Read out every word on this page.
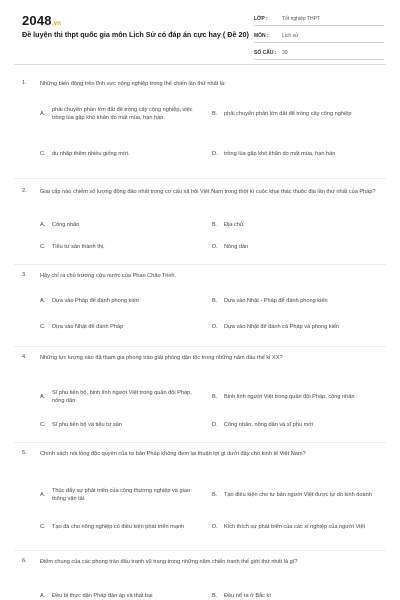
2048.vn
Đề luyện thi thpt quốc gia môn Lịch Sử có đáp án cực hay ( Đề 20)
LỚP :	Tốt nghiệp THPT
MÔN :	Lịch sử
SỐ CÂU :	30
1. Những biến động trên lĩnh vực nông nghiệp trong thế chiến lần thứ nhất là:
A.
phải chuyển phần lớn đất để trồng cây công nghiệp, việc trồng lúa gặp khó khăn do mất mùa, hạn hán.
B.	phải chuyển phần lớn đất để trồng cây công nghiệp
C.	du nhập thêm nhiều giống mới.	D.	trồng lúa gặp khó khăn do mất mùa, hạn hán
2. Giai cấp nào chiếm số lượng đông đảo nhất trong cơ cấu xã hội Việt Nam trong thời kì cuộc khai thác thuộc địa lần thứ nhất của Pháp?
A.	Công nhân	B.	Địa chủ.
C.	Tiểu tư sản thành thị.	D.	Nông dân
3. Hãy chỉ ra chủ trương cứu nước của Phan Châu Trinh.
A.	Dựa vào Pháp để đánh phong kiến	B.	Dựa vào Nhật - Pháp để đánh phong kiến
C.	Dựa vào Nhật để đánh Pháp	D.	Dựa vào Nhật để đánh cả Pháp và phong kiến
4. Những lực lượng nào đã tham gia phong trào giải phóng dân tộc trong những năm đầu thế kỉ XX?
A.
Sĩ phu tiến bộ, binh lính người Việt trong quân đội Pháp, nông dân
B.	Binh lính người Việt trong quân đội Pháp, công nhân
C.	Sĩ phu tiến bộ và tiểu tư sản	D.	Công nhân, nông dân và sĩ phu mới
5. Chính sách nói lỏng độc quyền của tư bản Pháp không đem lại thuận lợi gì dưới đây cho kinh tế Việt Nam?
A.
Thúc đẩy sự phát triển của công thương nghiệp và giao thông vận tải.
B.	Tạo điều kiện cho tư bản người Việt được tự do kinh doanh
C.	Tạo đà cho nông nghiệp có điều kiện phát triển mạnh	D.	Kích thích sự phát triển của các xí nghiệp của người Việt
6. Điểm chung của các phong trào đấu tranh vũ trang trong những năm chiến tranh thế giới thứ nhất là gì?
A.	Đều bị thực dân Pháp đàn áp và thất bại	B.	Đều nổ ra ở Bắc kì
